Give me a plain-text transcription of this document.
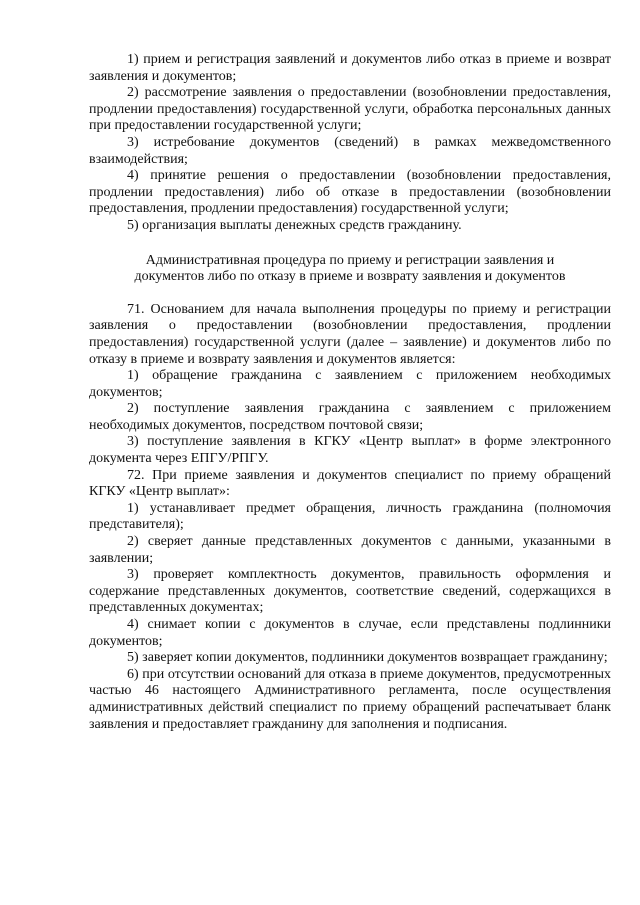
1) прием и регистрация заявлений и документов либо отказ в приеме и возврат заявления и документов;

2) рассмотрение заявления о предоставлении (возобновлении предоставления, продлении предоставления) государственной услуги, обработка персональных данных при предоставлении государственной услуги;

3) истребование документов (сведений) в рамках межведомственного взаимодействия;

4) принятие решения о предоставлении (возобновлении предоставления, продлении предоставления) либо об отказе в предоставлении (возобновлении предоставления, продлении предоставления) государственной услуги;

5) организация выплаты денежных средств гражданину.

Административная процедура по приему и регистрации заявления и

документов либо по отказу в приеме и возврату заявления и документов

71. Основанием для начала выполнения процедуры по приему и регистрации заявления о предоставлении (возобновлении предоставления, продлении предоставления) государственной услуги (далее – заявление) и документов либо по отказу в приеме и возврату заявления и документов является:

1) обращение гражданина с заявлением с приложением необходимых документов;

2) поступление заявления гражданина с заявлением с приложением необходимых документов, посредством почтовой связи;

3) поступление заявления в КГКУ «Центр выплат» в форме электронного документа через ЕПГУ/РПГУ.

72. При приеме заявления и документов специалист по приему обращений КГКУ «Центр выплат»:

1) устанавливает предмет обращения, личность гражданина (полномочия представителя);

2) сверяет данные представленных документов с данными, указанными в заявлении;

3) проверяет комплектность документов, правильность оформления и содержание представленных документов, соответствие сведений, содержащихся в представленных документах;

4) снимает копии с документов в случае, если представлены подлинники документов;

5) заверяет копии документов, подлинники документов возвращает гражданину;

6) при отсутствии оснований для отказа в приеме документов, предусмотренных частью 46 настоящего Административного регламента, после осуществления административных действий специалист по приему обращений распечатывает бланк заявления и предоставляет гражданину для заполнения и подписания.
